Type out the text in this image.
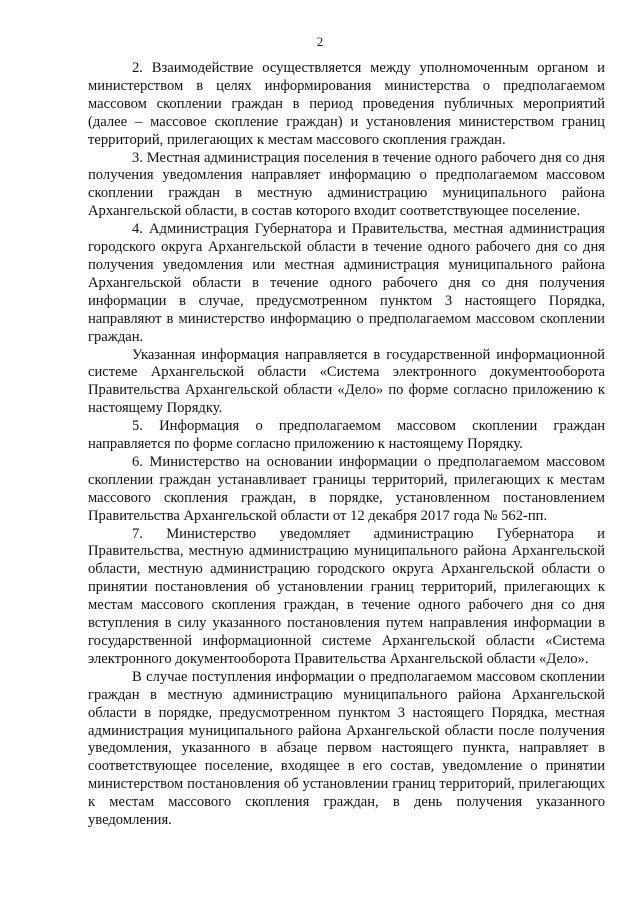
2

2. Взаимодействие осуществляется между уполномоченным органом и министерством в целях информирования министерства о предполагаемом массовом скоплении граждан в период проведения публичных мероприятий (далее – массовое скопление граждан) и установления министерством границ территорий, прилегающих к местам массового скопления граждан.

3. Местная администрация поселения в течение одного рабочего дня со дня получения уведомления направляет информацию о предполагаемом массовом скоплении граждан в местную администрацию муниципального района Архангельской области, в состав которого входит соответствующее поселение.

4. Администрация Губернатора и Правительства, местная администрация городского округа Архангельской области в течение одного рабочего дня со дня получения уведомления или местная администрация муниципального района Архангельской области в течение одного рабочего дня со дня получения информации в случае, предусмотренном пунктом 3 настоящего Порядка, направляют в министерство информацию о предполагаемом массовом скоплении граждан.

Указанная информация направляется в государственной информационной системе Архангельской области «Система электронного документооборота Правительства Архангельской области «Дело» по форме согласно приложению к настоящему Порядку.

5. Информация о предполагаемом массовом скоплении граждан направляется по форме согласно приложению к настоящему Порядку.

6. Министерство на основании информации о предполагаемом массовом скоплении граждан устанавливает границы территорий, прилегающих к местам массового скопления граждан, в порядке, установленном постановлением Правительства Архангельской области от 12 декабря 2017 года № 562-пп.

7. Министерство уведомляет администрацию Губернатора и Правительства, местную администрацию муниципального района Архангельской области, местную администрацию городского округа Архангельской области о принятии постановления об установлении границ территорий, прилегающих к местам массового скопления граждан, в течение одного рабочего дня со дня вступления в силу указанного постановления путем направления информации в государственной информационной системе Архангельской области «Система электронного документооборота Правительства Архангельской области «Дело».

В случае поступления информации о предполагаемом массовом скоплении граждан в местную администрацию муниципального района Архангельской области в порядке, предусмотренном пунктом 3 настоящего Порядка, местная администрация муниципального района Архангельской области после получения уведомления, указанного в абзаце первом настоящего пункта, направляет в соответствующее поселение, входящее в его состав, уведомление о принятии министерством постановления об установлении границ территорий, прилегающих к местам массового скопления граждан, в день получения указанного уведомления.
